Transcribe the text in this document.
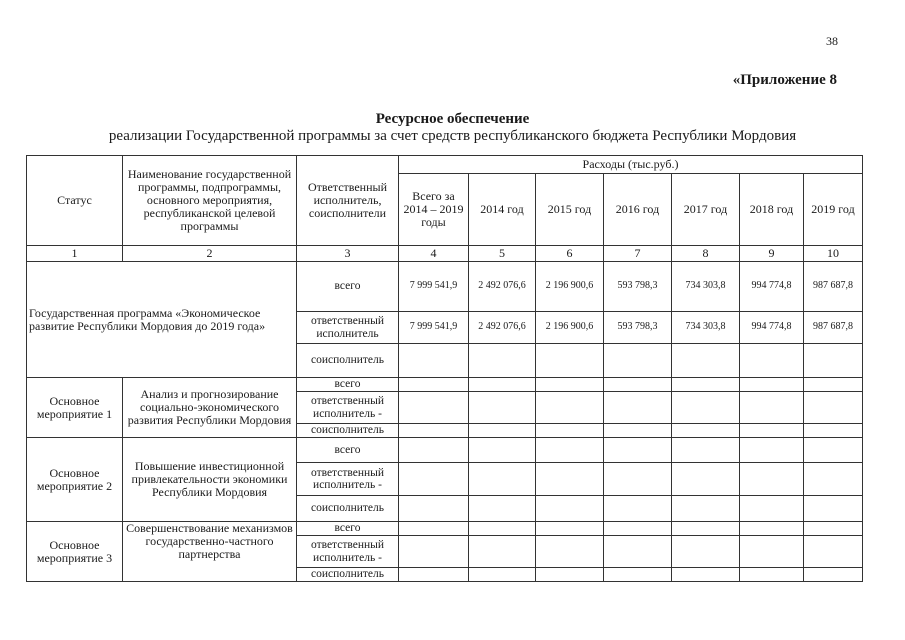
38
«Приложение 8
Ресурсное обеспечение
реализации Государственной программы за счет средств республиканского бюджета Республики Мордовия
Статус	Наименование государственной программы, подпрограммы, основного мероприятия, республиканской целевой программы	Ответственный исполнитель, соисполнители	Расходы (тыс.руб.)						
			Всего за 2014 – 2019 годы	2014 год	2015 год	2016 год	2017 год	2018 год	2019 год
1	2	3	4	5	6	7	8	9	10
Государственная программа «Экономическое развитие Республики Мордовия до 2019 года»		всего	7 999 541,9	2 492 076,6	2 196 900,6	593 798,3	734 303,8	994 774,8	987 687,8
		ответственный исполнитель	7 999 541,9	2 492 076,6	2 196 900,6	593 798,3	734 303,8	994 774,8	987 687,8
		соисполнитель							
Основное мероприятие 1	Анализ и прогнозирование социально-экономического развития Республики Мордовия	всего							
		ответственный исполнитель -							
		соисполнитель							
Основное мероприятие 2	Повышение инвестиционной привлекательности экономики Республики Мордовия	всего							
		ответственный исполнитель -							
		соисполнитель							
Основное мероприятие 3	Совершенствование механизмов государственно-частного партнерства	всего							
		ответственный исполнитель -							
		соисполнитель							
